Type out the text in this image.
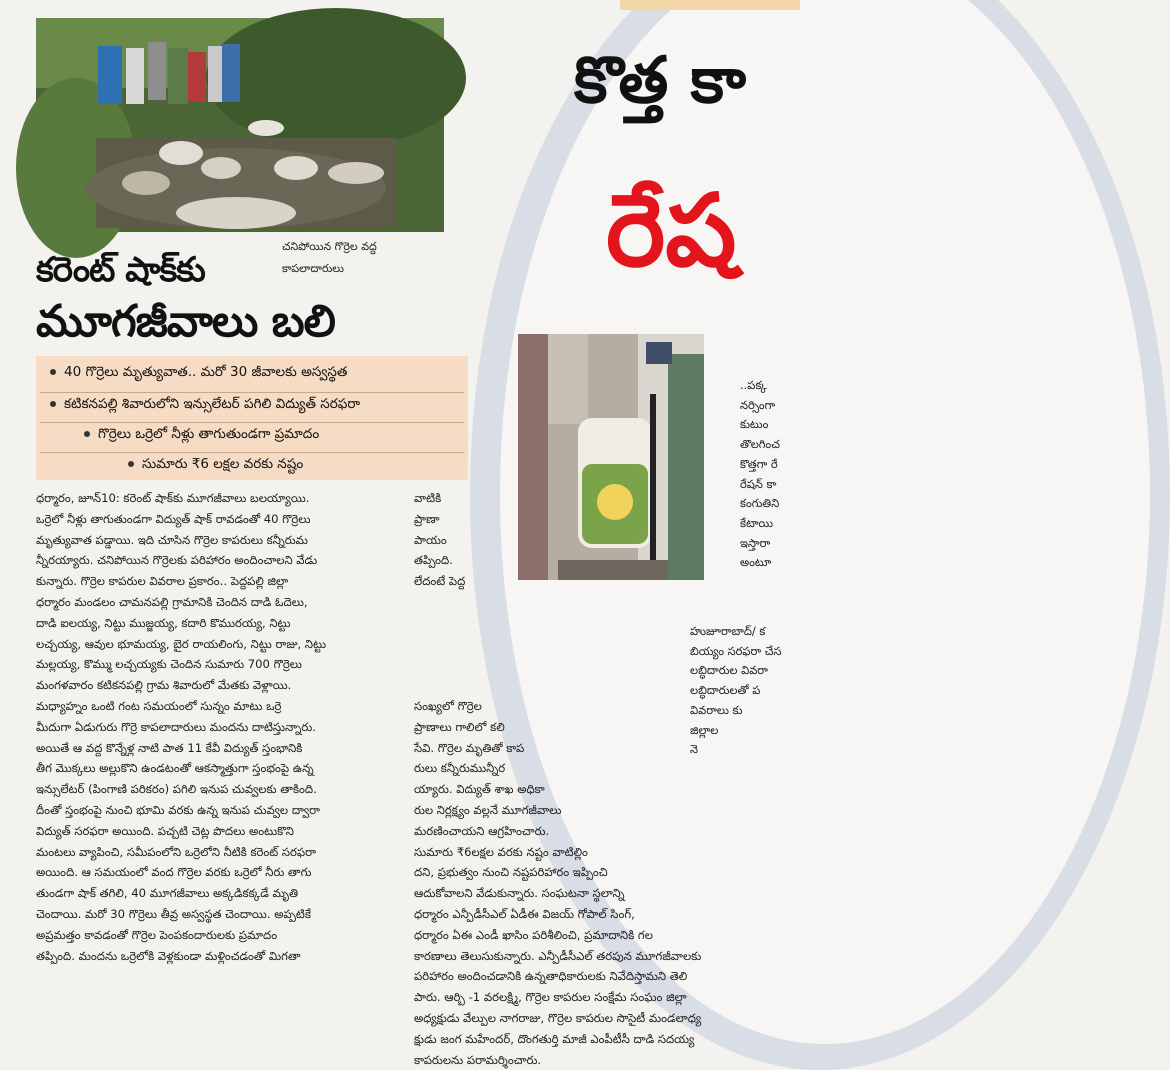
కొత్త కా
రేష
..పక్క
నర్సింగా
కుటుం
తొలగించ
కొత్తగా రే
రేషన్ కా
కంగుతిని
కేటాయి
ఇస్తారా
అంటూ
హుజూరాబాద్/ క
బియ్యం సరఫరా చేస
లబ్ధిదారుల వివరా
లబ్ధిదారులతో ప
వివరాలు కు
జిల్లాల
నె
చనిపోయిన గొర్రెల వద్ద
కాపలాదారులు
కరెంట్ షాక్‌కు
మూగజీవాలు బలి
40 గొర్రెలు మృత్యువాత.. మరో 30 జీవాలకు అస్వస్థత
కటికనపల్లి శివారులోని ఇన్సులేటర్ పగిలి విద్యుత్ సరఫరా
గొర్రెలు ఒర్రెలో నీళ్లు తాగుతుండగా ప్రమాదం
సుమారు ₹6 లక్షల వరకు నష్టం
ధర్మారం, జూన్10: కరెంట్ షాక్‌కు మూగజీవాలు బలయ్యాయి.
ఒర్రెలో నీళ్లు తాగుతుండగా విద్యుత్ షాక్ రావడంతో 40 గొర్రెలు
మృత్యువాత పడ్డాయి. ఇది చూసిన గొర్రెల కాపరులు కన్నీరుమ
న్నీరయ్యారు. చనిపోయిన గొర్రెలకు పరిహారం అందించాలని వేడు
కున్నారు. గొర్రెల కాపరుల వివరాల ప్రకారం.. పెద్దపల్లి జిల్లా
ధర్మారం మండలం చామనపల్లి గ్రామానికి చెందిన దాడి ఓదెలు,
దాడి ఐలయ్య, నిట్టు ముజ్జయ్య, కదారి కొమురయ్య, నిట్టు
లచ్చయ్య, ఆవుల భూమయ్య, బైర రాయలింగు, నిట్టు రాజు, నిట్టు
మల్లయ్య, కొమ్ము లచ్చయ్యకు చెందిన సుమారు 700 గొర్రెలు
మంగళవారం కటికనపల్లి గ్రామ శివారులో మేతకు వెళ్లాయి.
మధ్యాహ్నం ఒంటి గంట సమయంలో సున్నం మాటు ఒర్రె
మీదుగా ఏడుగురు గొర్రె కాపలాదారులు మందను దాటిస్తున్నారు.
అయితే ఆ వద్ద కొన్నేళ్ల నాటి పాత 11 కేవీ విద్యుత్ స్తంభానికి
తీగ మొక్కలు అల్లుకొని ఉండటంతో ఆకస్మాత్తుగా స్తంభంపై ఉన్న
ఇన్సులేటర్ (పింగాణి పరికరం) పగిలి ఇనుప చువ్వలకు తాకింది.
దీంతో స్తంభంపై నుంచి భూమి వరకు ఉన్న ఇనుప చువ్వల ద్వారా
విద్యుత్ సరఫరా అయింది. పచ్చటి చెట్ల పొదలు అంటుకొని
మంటలు వ్యాపించి, సమీపంలోని ఒర్రెలోని నీటికి కరెంట్ సరఫరా
అయింది. ఆ సమయంలో వంద గొర్రెల వరకు ఒర్రెలో నీరు తాగు
తుండగా షాక్ తగిలి, 40 మూగజీవాలు అక్కడికక్కడే మృతి
చెందాయి. మరో 30 గొర్రెలు తీవ్ర అస్వస్థత చెందాయి. అప్పటికే
అప్రమత్తం కావడంతో గొర్రెల పెంపకందారులకు ప్రమాదం
తప్పింది. మందను ఒర్రెలోకి వెళ్లకుండా మళ్లించడంతో మిగతా
వాటికి
ప్రాణా
పాయం
తప్పింది.
లేదంటే పెద్ద
సంఖ్యలో గొర్రెల
ప్రాణాలు గాలిలో కలి
సేవి. గొర్రెల మృతితో కాప
రులు కన్నీరుమున్నీర
య్యారు. విద్యుత్ శాఖ అధికా
రుల నిర్లక్ష్యం వల్లనే మూగజీవాలు
మరణించాయని ఆగ్రహించారు.
సుమారు ₹6లక్షల వరకు నష్టం వాటిల్లిం
దని, ప్రభుత్వం నుంచి నష్టపరిహారం ఇప్పించి
ఆదుకోవాలని వేడుకున్నారు. సంఘటనా స్థలాన్ని
ధర్మారం ఎన్పీడీసీఎల్ ఏడీఈ విజయ్ గోపాల్ సింగ్,
ధర్మారం ఏఈ ఎండీ ఖాసిం పరిశీలించి, ప్రమాదానికి గల
కారణాలు తెలుసుకున్నారు. ఎన్పీడీసీఎల్ తరపున మూగజీవాలకు
పరిహారం అందించడానికి ఉన్నతాధికారులకు నివేదిస్తామని తెలి
పారు. ఆర్బి -1 వరలక్ష్మి, గొర్రెల కాపరుల సంక్షేమ సంఘం జిల్లా
అధ్యక్షుడు వేల్పుల నాగరాజు, గొర్రెల కాపరుల సొసైటీ మండలాధ్య
క్షుడు జంగ మహేందర్, దొంగతుర్తి మాజీ ఎంపీటీసీ దాడి సదయ్య
కాపరులను పరామర్శించారు.
